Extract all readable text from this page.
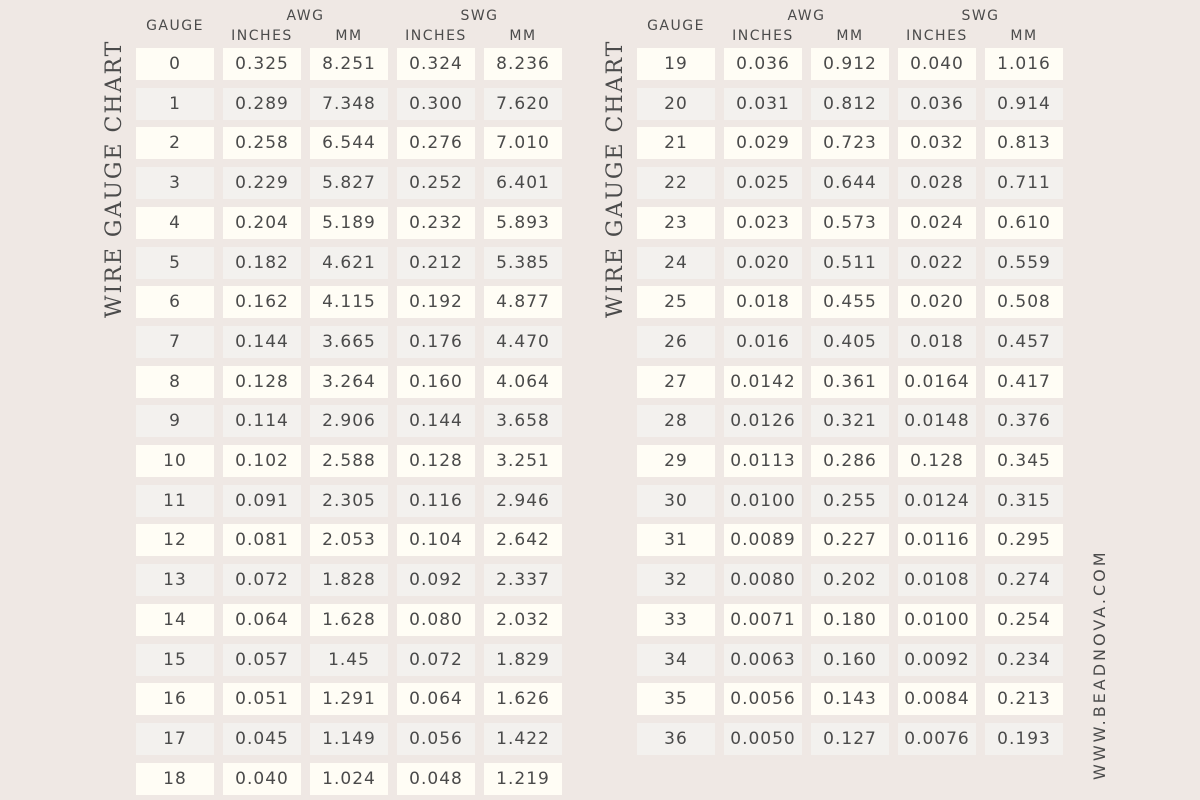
WIRE GAUGE CHART	WIRE GAUGE CHART
WWW.BEADNOVA.COM
GAUGE
AWG	SWG
INCHES	MM	INCHES	MM
0	0.325	8.251	0.324	8.236
1	0.289	7.348	0.300	7.620
2	0.258	6.544	0.276	7.010
3	0.229	5.827	0.252	6.401
4	0.204	5.189	0.232	5.893
5	0.182	4.621	0.212	5.385
6	0.162	4.115	0.192	4.877
7	0.144	3.665	0.176	4.470
8	0.128	3.264	0.160	4.064
9	0.114	2.906	0.144	3.658
10	0.102	2.588	0.128	3.251
11	0.091	2.305	0.116	2.946
12	0.081	2.053	0.104	2.642
13	0.072	1.828	0.092	2.337
14	0.064	1.628	0.080	2.032
15	0.057	1.45	0.072	1.829
16	0.051	1.291	0.064	1.626
17	0.045	1.149	0.056	1.422
18	0.040	1.024	0.048	1.219
GAUGE
AWG	SWG
INCHES	MM	INCHES	MM
19	0.036	0.912	0.040	1.016
20	0.031	0.812	0.036	0.914
21	0.029	0.723	0.032	0.813
22	0.025	0.644	0.028	0.711
23	0.023	0.573	0.024	0.610
24	0.020	0.511	0.022	0.559
25	0.018	0.455	0.020	0.508
26	0.016	0.405	0.018	0.457
27	0.0142	0.361	0.0164	0.417
28	0.0126	0.321	0.0148	0.376
29	0.0113	0.286	0.128	0.345
30	0.0100	0.255	0.0124	0.315
31	0.0089	0.227	0.0116	0.295
32	0.0080	0.202	0.0108	0.274
33	0.0071	0.180	0.0100	0.254
34	0.0063	0.160	0.0092	0.234
35	0.0056	0.143	0.0084	0.213
36	0.0050	0.127	0.0076	0.193
